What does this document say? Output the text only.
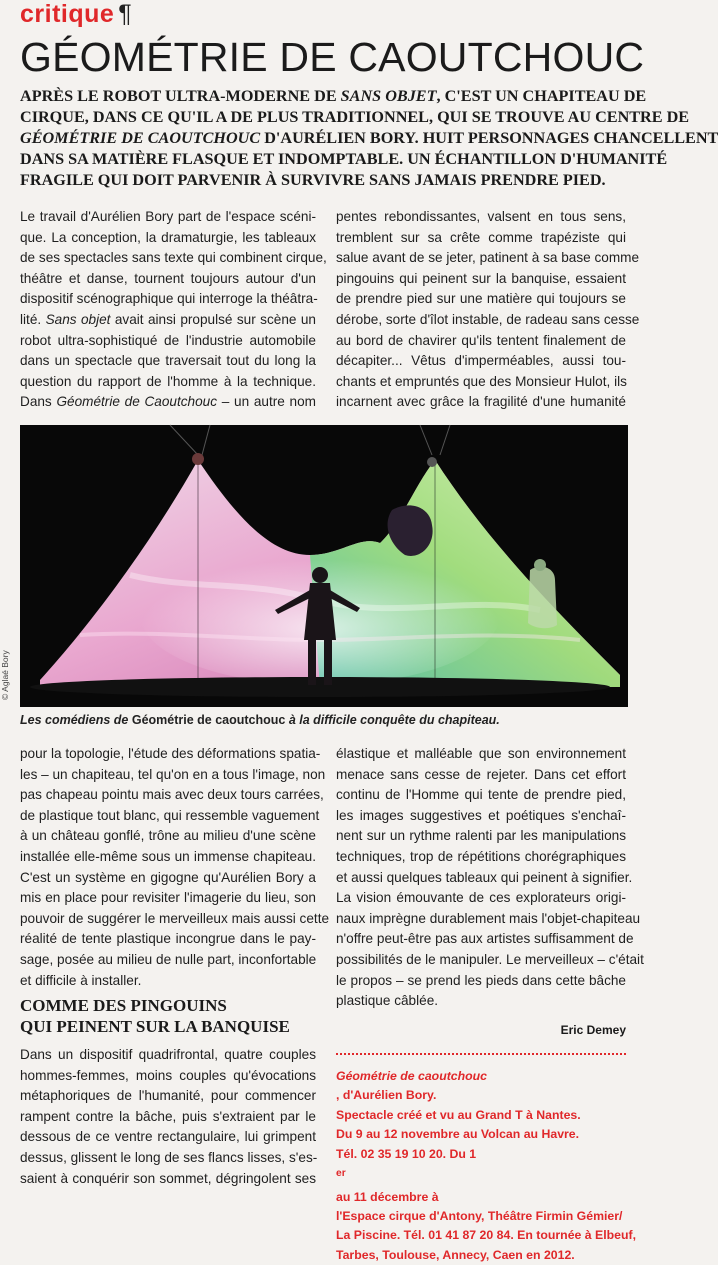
critique ¶
GÉOMÉTRIE DE CAOUTCHOUC
APRÈS LE ROBOT ULTRA-MODERNE DE SANS OBJET, C'EST UN CHAPITEAU DE
CIRQUE, DANS CE QU'IL A DE PLUS TRADITIONNEL, QUI SE TROUVE AU CENTRE DE
GÉOMÉTRIE DE CAOUTCHOUC D'AURÉLIEN BORY. HUIT PERSONNAGES CHANCELLENT
DANS SA MATIÈRE FLASQUE ET INDOMPTABLE. UN ÉCHANTILLON D'HUMANITÉ
FRAGILE QUI DOIT PARVENIR À SURVIVRE SANS JAMAIS PRENDRE PIED.
Le travail d'Aurélien Bory part de l'espace scéni-
que. La conception, la dramaturgie, les tableaux
de ses spectacles sans texte qui combinent cirque,
théâtre et danse, tournent toujours autour d'un
dispositif scénographique qui interroge la théâtra-
lité. Sans objet avait ainsi propulsé sur scène un
robot ultra-sophistiqué de l'industrie automobile
dans un spectacle que traversait tout du long la
question du rapport de l'homme à la technique.
Dans Géométrie de Caoutchouc – un autre nom
pentes rebondissantes, valsent en tous sens,
tremblent sur sa crête comme trapéziste qui
salue avant de se jeter, patinent à sa base comme
pingouins qui peinent sur la banquise, essaient
de prendre pied sur une matière qui toujours se
dérobe, sorte d'îlot instable, de radeau sans cesse
au bord de chavirer qu'ils tentent finalement de
décapiter... Vêtus d'imperméables, aussi tou-
chants et empruntés que des Monsieur Hulot, ils
incarnent avec grâce la fragilité d'une humanité
© Aglaé Bory
Les comédiens de Géométrie de caoutchouc à la difficile conquête du chapiteau.
pour la topologie, l'étude des déformations spatia-
les – un chapiteau, tel qu'on en a tous l'image, non
pas chapeau pointu mais avec deux tours carrées,
de plastique tout blanc, qui ressemble vaguement
à un château gonflé, trône au milieu d'une scène
installée elle-même sous un immense chapiteau.
C'est un système en gigogne qu'Aurélien Bory a
mis en place pour revisiter l'imagerie du lieu, son
pouvoir de suggérer le merveilleux mais aussi cette
réalité de tente plastique incongrue dans le pay-
sage, posée au milieu de nulle part, inconfortable
et difficile à installer.
élastique et malléable que son environnement
menace sans cesse de rejeter. Dans cet effort
continu de l'Homme qui tente de prendre pied,
les images suggestives et poétiques s'enchaî-
nent sur un rythme ralenti par les manipulations
techniques, trop de répétitions chorégraphiques
et aussi quelques tableaux qui peinent à signifier.
La vision émouvante de ces explorateurs origi-
naux imprègne durablement mais l'objet-chapiteau
n'offre peut-être pas aux artistes suffisamment de
possibilités de le manipuler. Le merveilleux – c'était
le propos – se prend les pieds dans cette bâche
plastique câblée.
COMME DES PINGOUINS
QUI PEINENT SUR LA BANQUISE
Dans un dispositif quadrifrontal, quatre couples
hommes-femmes, moins couples qu'évocations
métaphoriques de l'humanité, pour commencer
rampent contre la bâche, puis s'extraient par le
dessous de ce ventre rectangulaire, lui grimpent
dessus, glissent le long de ses flancs lisses, s'es-
saient à conquérir son sommet, dégringolent ses
Eric Demey
Géométrie de caoutchouc
, d'Aurélien Bory.
Spectacle créé et vu au Grand T à Nantes.
Du 9 au 12 novembre au Volcan au Havre.
Tél. 02 35 19 10 20. Du 1
$^{er}$
au 11 décembre à
l'Espace cirque d'Antony, Théâtre Firmin Gémier/
La Piscine. Tél. 01 41 87 20 84. En tournée à Elbeuf,
Tarbes, Toulouse, Annecy, Caen en 2012.
